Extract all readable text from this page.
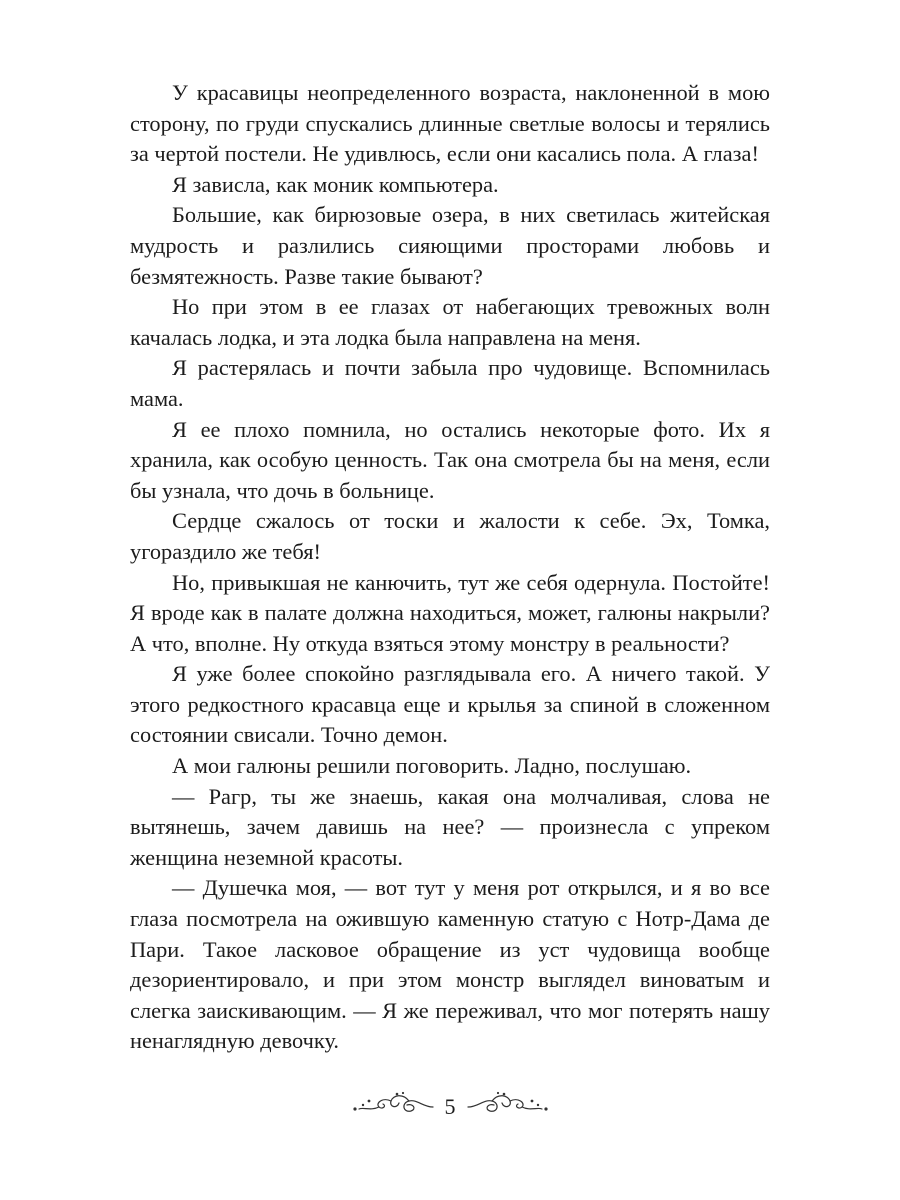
У красавицы неопределенного возраста, наклоненной в мою сторону, по груди спускались длинные светлые волосы и терялись за чертой постели. Не удивлюсь, если они касались пола. А глаза!

Я зависла, как моник компьютера.

Большие, как бирюзовые озера, в них светилась житейская мудрость и разлились сияющими просторами любовь и безмятежность. Разве такие бывают?

Но при этом в ее глазах от набегающих тревожных волн качалась лодка, и эта лодка была направлена на меня.

Я растерялась и почти забыла про чудовище. Вспомнилась мама.

Я ее плохо помнила, но остались некоторые фото. Их я хранила, как особую ценность. Так она смотрела бы на меня, если бы узнала, что дочь в больнице.

Сердце сжалось от тоски и жалости к себе. Эх, Томка, угораздило же тебя!

Но, привыкшая не канючить, тут же себя одернула. Постойте! Я вроде как в палате должна находиться, может, галюны накрыли? А что, вполне. Ну откуда взяться этому монстру в реальности?

Я уже более спокойно разглядывала его. А ничего такой. У этого редкостного красавца еще и крылья за спиной в сложенном состоянии свисали. Точно демон.

А мои галюны решили поговорить. Ладно, послушаю.

— Рагр, ты же знаешь, какая она молчаливая, слова не вытянешь, зачем давишь на нее? — произнесла с упреком женщина неземной красоты.

— Душечка моя, — вот тут у меня рот открылся, и я во все глаза посмотрела на ожившую каменную статую с Нотр-Дама де Пари. Такое ласковое обращение из уст чудовища вообще дезориентировало, и при этом монстр выглядел виноватым и слегка заискивающим. — Я же переживал, что мог потерять нашу ненаглядную девочку.

5
